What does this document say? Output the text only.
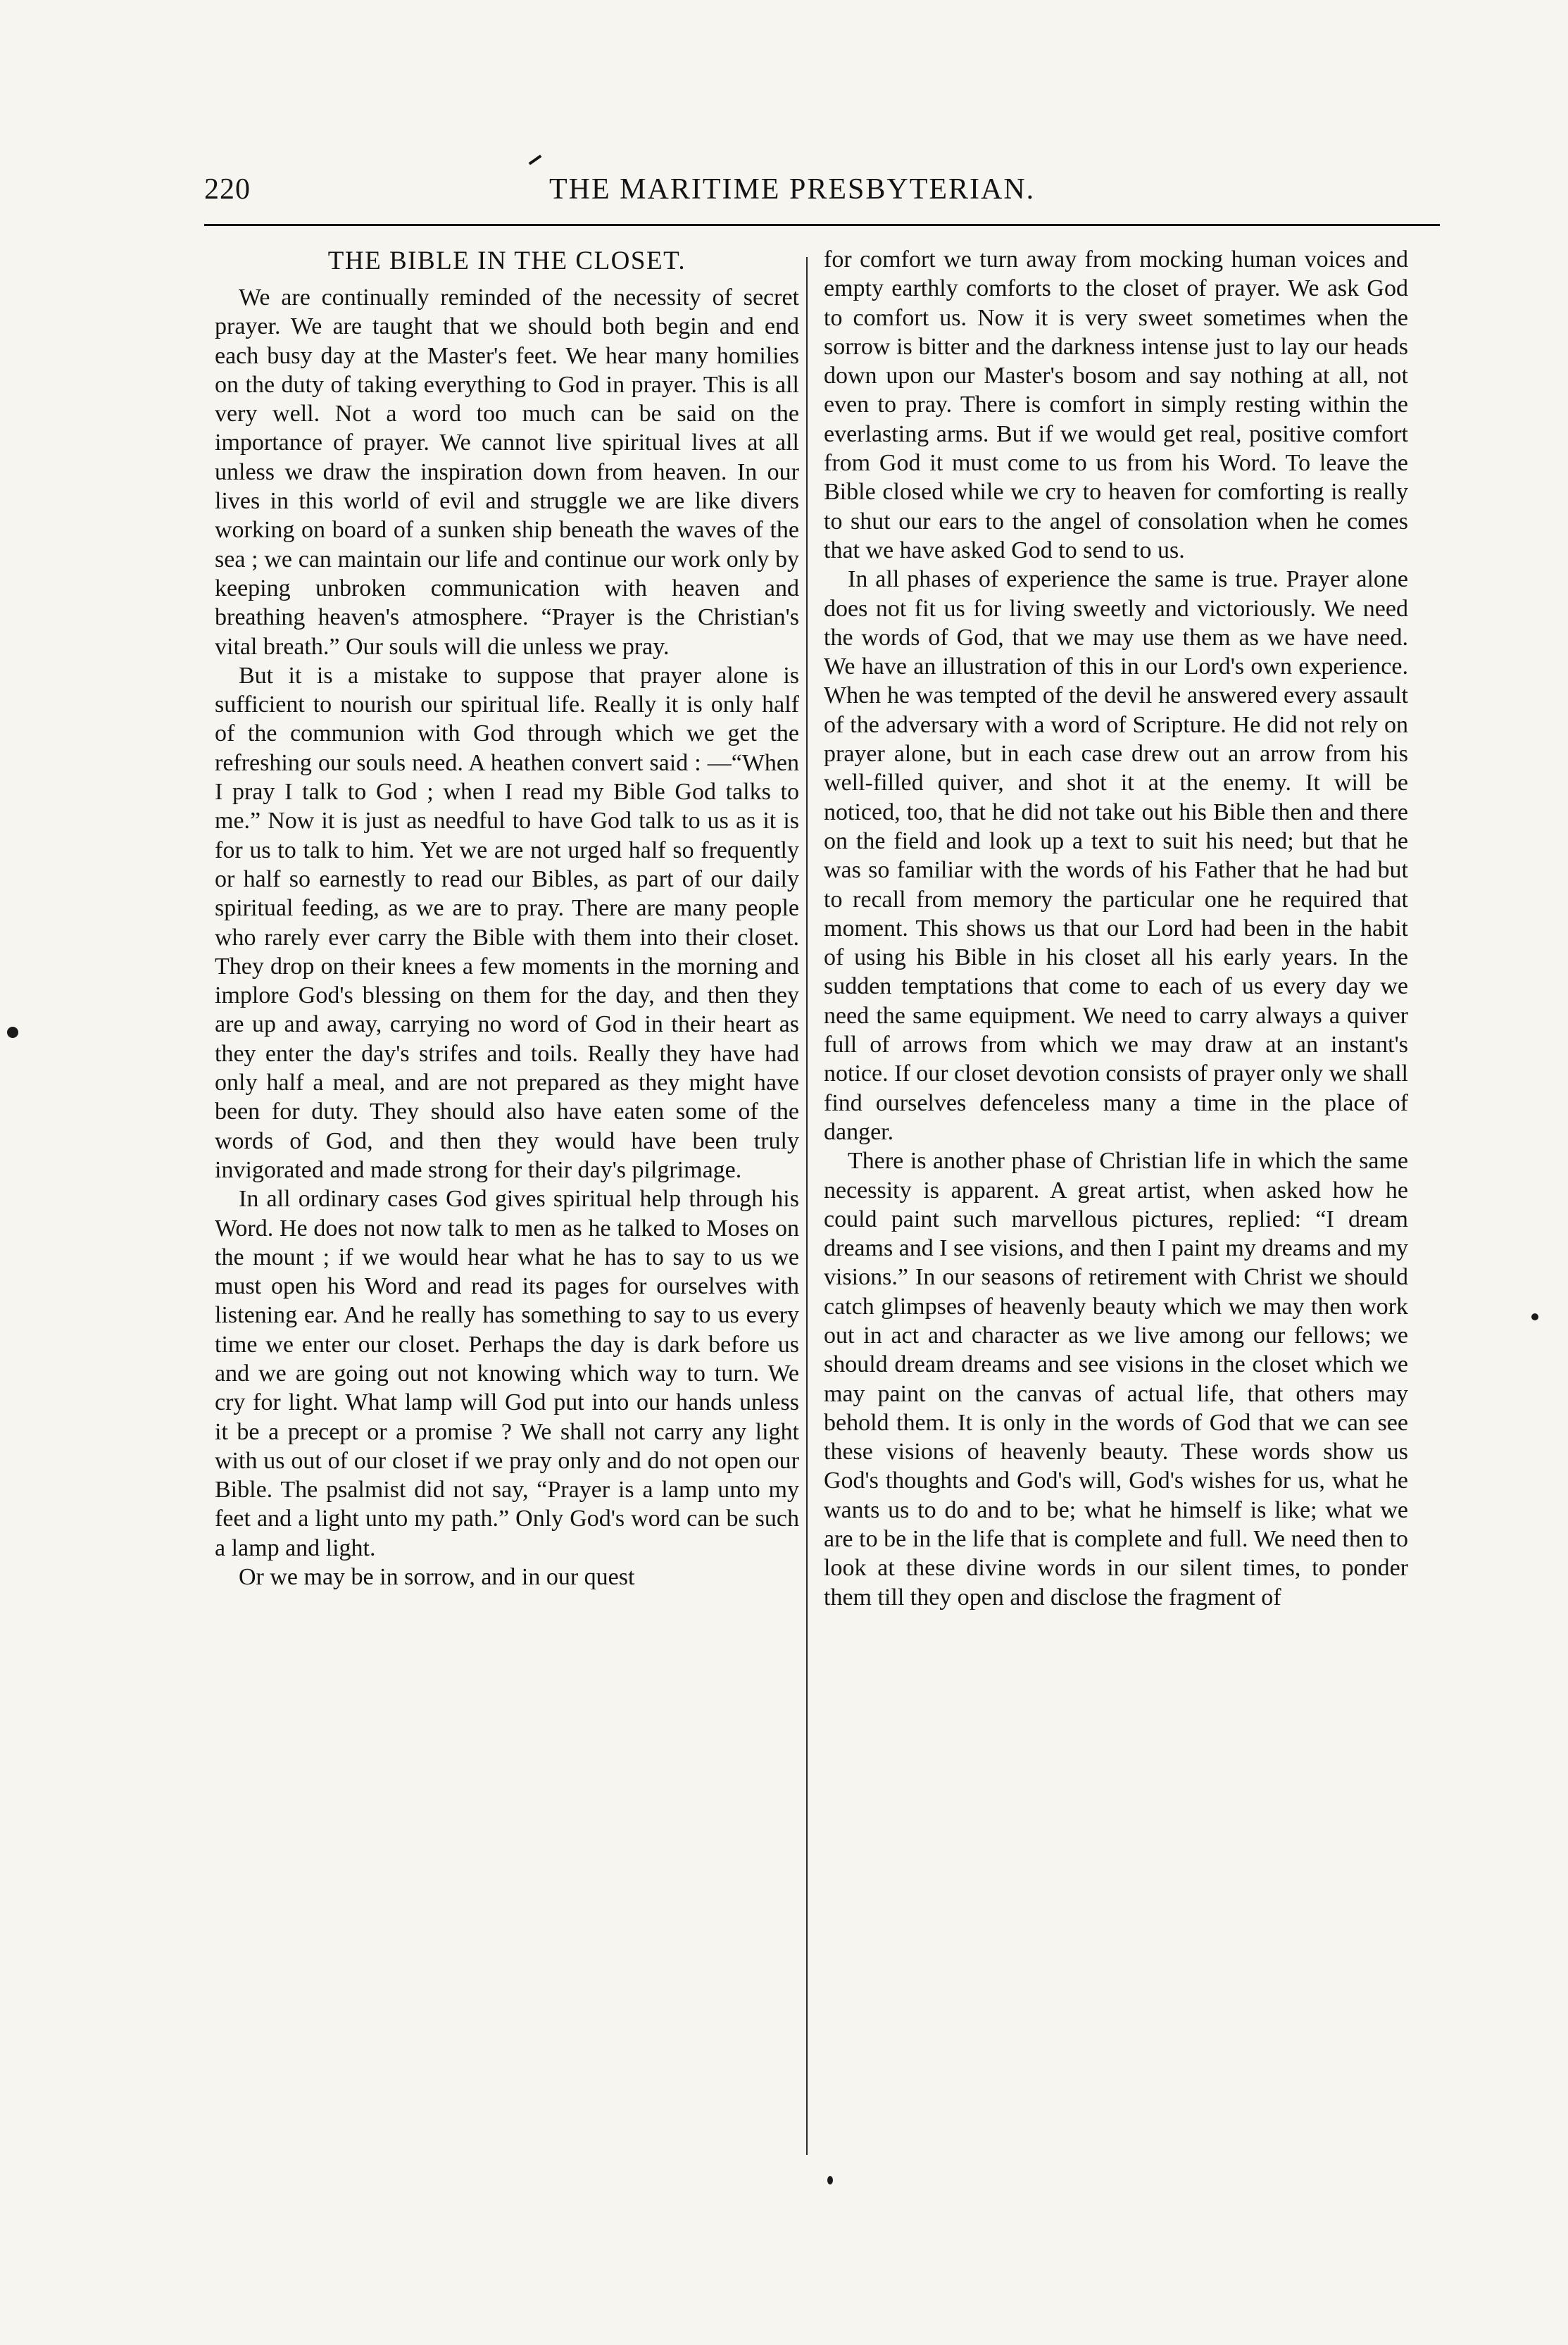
220	THE MARITIME PRESBYTERIAN.
THE BIBLE IN THE CLOSET.

We are continually reminded of the necessity of secret prayer. We are taught that we should both begin and end each busy day at the Master's feet. We hear many homilies on the duty of taking everything to God in prayer. This is all very well. Not a word too much can be said on the importance of prayer. We cannot live spiritual lives at all unless we draw the inspiration down from heaven. In our lives in this world of evil and struggle we are like divers working on board of a sunken ship beneath the waves of the sea ; we can maintain our life and continue our work only by keeping unbroken communication with heaven and breathing heaven's atmosphere. “Prayer is the Christian's vital breath.” Our souls will die unless we pray.

But it is a mistake to suppose that prayer alone is sufficient to nourish our spiritual life. Really it is only half of the communion with God through which we get the refreshing our souls need. A heathen convert said : —“When I pray I talk to God ; when I read my Bible God talks to me.” Now it is just as needful to have God talk to us as it is for us to talk to him. Yet we are not urged half so frequently or half so earnestly to read our Bibles, as part of our daily spiritual feeding, as we are to pray. There are many people who rarely ever carry the Bible with them into their closet. They drop on their knees a few moments in the morning and implore God's blessing on them for the day, and then they are up and away, carrying no word of God in their heart as they enter the day's strifes and toils. Really they have had only half a meal, and are not prepared as they might have been for duty. They should also have eaten some of the words of God, and then they would have been truly invigorated and made strong for their day's pilgrimage.

In all ordinary cases God gives spiritual help through his Word. He does not now talk to men as he talked to Moses on the mount ; if we would hear what he has to say to us we must open his Word and read its pages for ourselves with listening ear. And he really has something to say to us every time we enter our closet. Perhaps the day is dark before us and we are going out not knowing which way to turn. We cry for light. What lamp will God put into our hands unless it be a precept or a promise ? We shall not carry any light with us out of our closet if we pray only and do not open our Bible. The psalmist did not say, “Prayer is a lamp unto my feet and a light unto my path.” Only God's word can be such a lamp and light.

Or we may be in sorrow, and in our quest

for comfort we turn away from mocking human voices and empty earthly comforts to the closet of prayer. We ask God to comfort us. Now it is very sweet sometimes when the sorrow is bitter and the darkness intense just to lay our heads down upon our Master's bosom and say nothing at all, not even to pray. There is comfort in simply resting within the everlasting arms. But if we would get real, positive comfort from God it must come to us from his Word. To leave the Bible closed while we cry to heaven for comforting is really to shut our ears to the angel of consolation when he comes that we have asked God to send to us.

In all phases of experience the same is true. Prayer alone does not fit us for living sweetly and victoriously. We need the words of God, that we may use them as we have need. We have an illustration of this in our Lord's own experience. When he was tempted of the devil he answered every assault of the adversary with a word of Scripture. He did not rely on prayer alone, but in each case drew out an arrow from his well-filled quiver, and shot it at the enemy. It will be noticed, too, that he did not take out his Bible then and there on the field and look up a text to suit his need; but that he was so familiar with the words of his Father that he had but to recall from memory the particular one he required that moment. This shows us that our Lord had been in the habit of using his Bible in his closet all his early years. In the sudden temptations that come to each of us every day we need the same equipment. We need to carry always a quiver full of arrows from which we may draw at an instant's notice. If our closet devotion consists of prayer only we shall find ourselves defenceless many a time in the place of danger.

There is another phase of Christian life in which the same necessity is apparent. A great artist, when asked how he could paint such marvellous pictures, replied: “I dream dreams and I see visions, and then I paint my dreams and my visions.” In our seasons of retirement with Christ we should catch glimpses of heavenly beauty which we may then work out in act and character as we live among our fellows; we should dream dreams and see visions in the closet which we may paint on the canvas of actual life, that others may behold them. It is only in the words of God that we can see these visions of heavenly beauty. These words show us God's thoughts and God's will, God's wishes for us, what he wants us to do and to be; what he himself is like; what we are to be in the life that is complete and full. We need then to look at these divine words in our silent times, to ponder them till they open and disclose the fragment of
